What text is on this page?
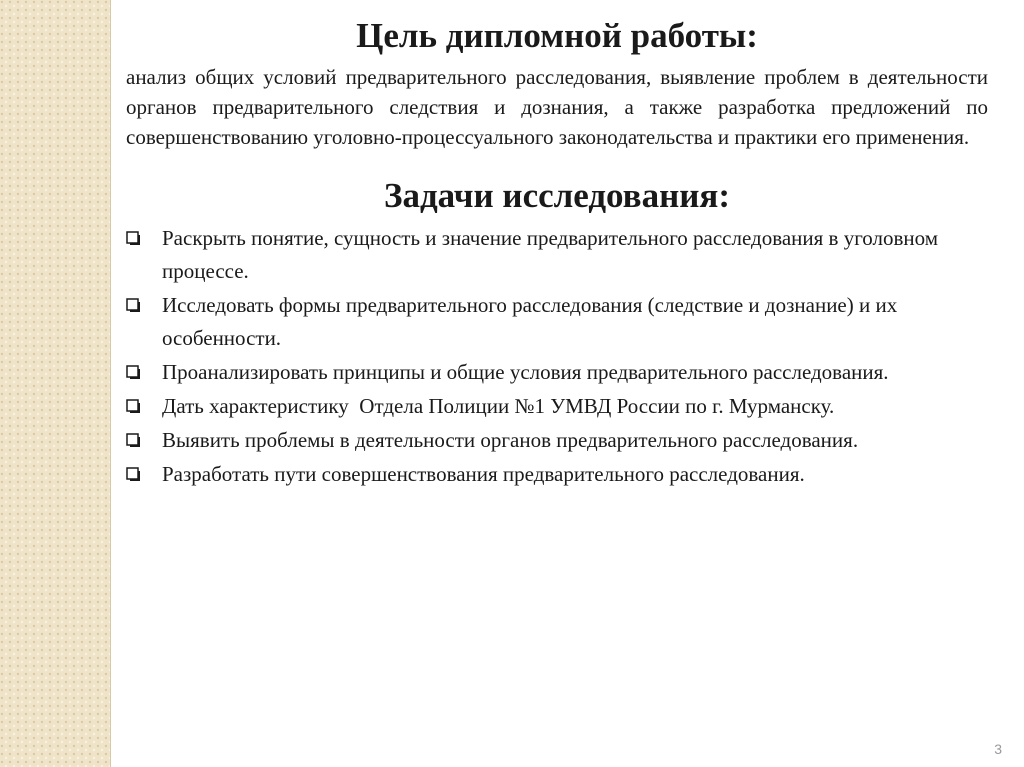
Цель дипломной работы:

анализ общих условий предварительного расследования, выявление проблем в деятельности органов предварительного следствия и дознания, а также разработка предложений по совершенствованию уголовно-процессуального законодательства и практики его применения.

Задачи исследования:
Раскрыть понятие, сущность и значение предварительного расследования в уголовном процессе.
Исследовать формы предварительного расследования (следствие и дознание) и их особенности.
Проанализировать принципы и общие условия предварительного расследования.
Дать характеристику  Отдела Полиции №1 УМВД России по г. Мурманску.
Выявить проблемы в деятельности органов предварительного расследования.
Разработать пути совершенствования предварительного расследования.
3
